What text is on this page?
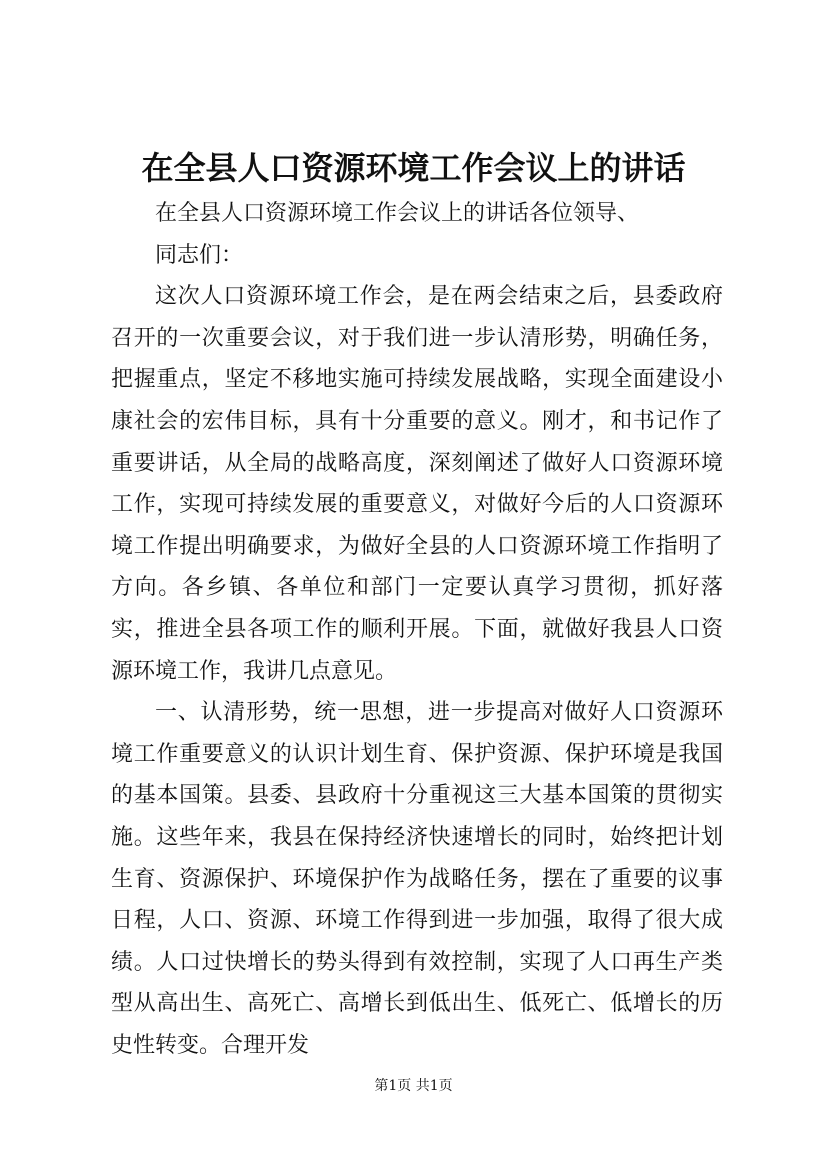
在全县人口资源环境工作会议上的讲话

在全县人口资源环境工作会议上的讲话各位领导、

同志们：

这次人口资源环境工作会，是在两会结束之后，县委政府召开的一次重要会议，对于我们进一步认清形势，明确任务，把握重点，坚定不移地实施可持续发展战略，实现全面建设小康社会的宏伟目标，具有十分重要的意义。刚才，和书记作了重要讲话，从全局的战略高度，深刻阐述了做好人口资源环境工作，实现可持续发展的重要意义，对做好今后的人口资源环境工作提出明确要求，为做好全县的人口资源环境工作指明了方向。各乡镇、各单位和部门一定要认真学习贯彻，抓好落实，推进全县各项工作的顺利开展。下面，就做好我县人口资源环境工作，我讲几点意见。

一、认清形势，统一思想，进一步提高对做好人口资源环境工作重要意义的认识计划生育、保护资源、保护环境是我国的基本国策。县委、县政府十分重视这三大基本国策的贯彻实施。这些年来，我县在保持经济快速增长的同时，始终把计划生育、资源保护、环境保护作为战略任务，摆在了重要的议事日程，人口、资源、环境工作得到进一步加强，取得了很大成绩。人口过快增长的势头得到有效控制，实现了人口再生产类型从高出生、高死亡、高增长到低出生、低死亡、低增长的历史性转变。合理开发

第1页 共1页
